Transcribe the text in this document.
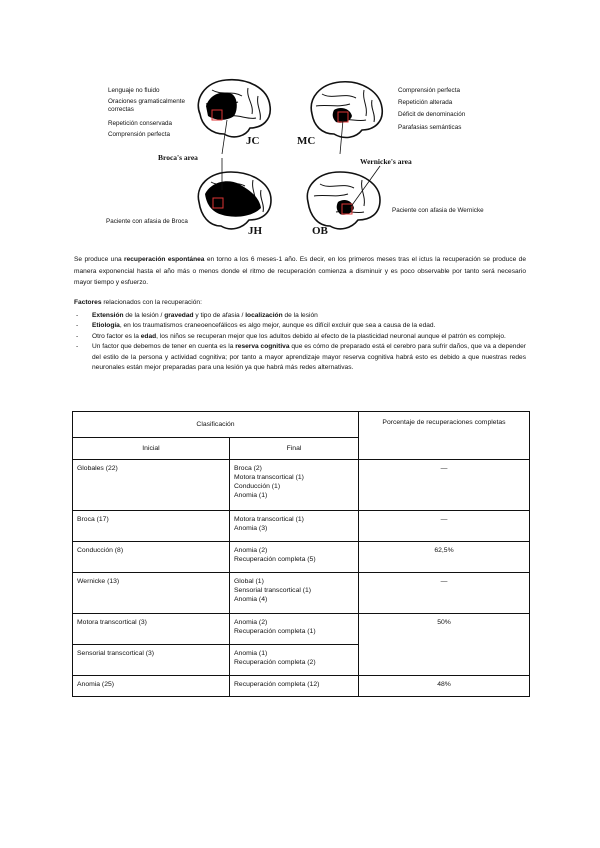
JC	MC
JH	OB
Broca's area	Wernicke's area
Lenguaje no fluido
Oraciones gramaticalmente correctas
Repetición conservada
Comprensión perfecta
Comprensión perfecta
Repetición alterada
Déficit de denominación
Parafasias semánticas
Paciente con afasia de Broca
Paciente con afasia de Wernicke
Se produce una recuperación espontánea en torno a los 6 meses-1 año. Es decir, en los primeros meses tras el ictus la recuperación se produce de manera exponencial hasta el año más o menos donde el ritmo de recuperación comienza a disminuir y es poco observable por tanto será necesario mayor tiempo y esfuerzo.
Factores relacionados con la recuperación:
- Extensión de la lesión / gravedad y tipo de afasia / localización de la lesión
- Etiología, en los traumatismos craneoencefálicos es algo mejor, aunque es difícil excluir que sea a causa de la edad.
- Otro factor es la edad, los niños se recuperan mejor que los adultos debido al efecto de la plasticidad neuronal aunque el patrón es complejo.
- Un factor que debemos de tener en cuenta es la reserva cognitiva que es cómo de preparado está el cerebro para sufrir daños, que va a depender del estilo de la persona y actividad cognitiva; por tanto a mayor aprendizaje mayor reserva cognitiva habrá esto es debido a que nuestras redes neuronales están mejor preparadas para una lesión ya que habrá más redes alternativas.
Clasificación		Porcentaje de recuperaciones completas
Inicial	Final	
Globales (22)	Broca (2)
Motora transcortical (1)
Conducción (1)
Anomia (1)	—
Broca (17)	Motora transcortical (1)
Anomia (3)	—
Conducción (8)	Anomia (2)
Recuperación completa (5)	62,5%
Wernicke (13)	Global (1)
Sensorial transcortical (1)
Anomia (4)	—
Motora transcortical (3)	Anomia (2)
Recuperación completa (1)	50%
Sensorial transcortical (3)	Anomia (1)
Recuperación completa (2)	

Anomia (25)	Recuperación completa (12)	48%
